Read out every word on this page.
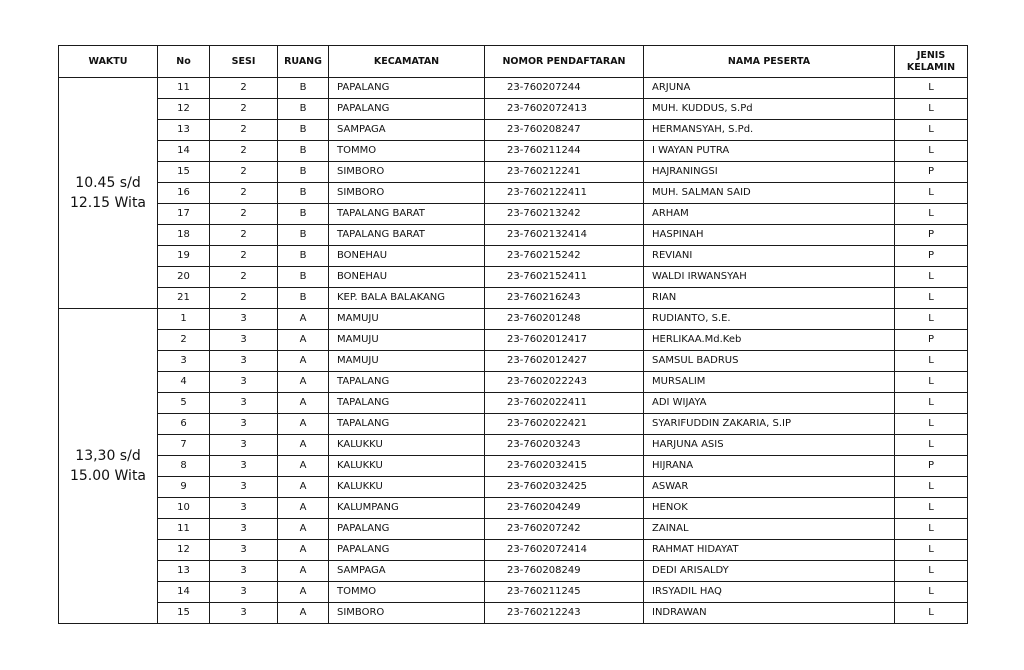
WAKTU	No	SESI	RUANG	KECAMATAN	NOMOR PENDAFTARAN	NAMA PESERTA	JENIS
KELAMIN
10.45 s/d
12.15 Wita	11	2	B	PAPALANG	23-760207244	ARJUNA	L
	12	2	B	PAPALANG	23-7602072413	MUH. KUDDUS, S.Pd	L
	13	2	B	SAMPAGA	23-760208247	HERMANSYAH, S.Pd.	L
	14	2	B	TOMMO	23-760211244	I WAYAN PUTRA	L
	15	2	B	SIMBORO	23-760212241	HAJRANINGSI	P
	16	2	B	SIMBORO	23-7602122411	MUH. SALMAN SAID	L
	17	2	B	TAPALANG BARAT	23-760213242	ARHAM	L
	18	2	B	TAPALANG BARAT	23-7602132414	HASPINAH	P
	19	2	B	BONEHAU	23-760215242	REVIANI	P
	20	2	B	BONEHAU	23-7602152411	WALDI IRWANSYAH	L
	21	2	B	KEP. BALA BALAKANG	23-760216243	RIAN	L
13,30 s/d
15.00 Wita	1	3	A	MAMUJU	23-760201248	RUDIANTO, S.E.	L
	2	3	A	MAMUJU	23-7602012417	HERLIKAA.Md.Keb	P
	3	3	A	MAMUJU	23-7602012427	SAMSUL BADRUS	L
	4	3	A	TAPALANG	23-7602022243	MURSALIM	L
	5	3	A	TAPALANG	23-7602022411	ADI WIJAYA	L
	6	3	A	TAPALANG	23-7602022421	SYARIFUDDIN ZAKARIA, S.IP	L
	7	3	A	KALUKKU	23-760203243	HARJUNA ASIS	L
	8	3	A	KALUKKU	23-7602032415	HIJRANA	P
	9	3	A	KALUKKU	23-7602032425	ASWAR	L
	10	3	A	KALUMPANG	23-760204249	HENOK	L
	11	3	A	PAPALANG	23-760207242	ZAINAL	L
	12	3	A	PAPALANG	23-7602072414	RAHMAT HIDAYAT	L
	13	3	A	SAMPAGA	23-760208249	DEDI ARISALDY	L
	14	3	A	TOMMO	23-760211245	IRSYADIL HAQ	L
	15	3	A	SIMBORO	23-760212243	INDRAWAN	L
